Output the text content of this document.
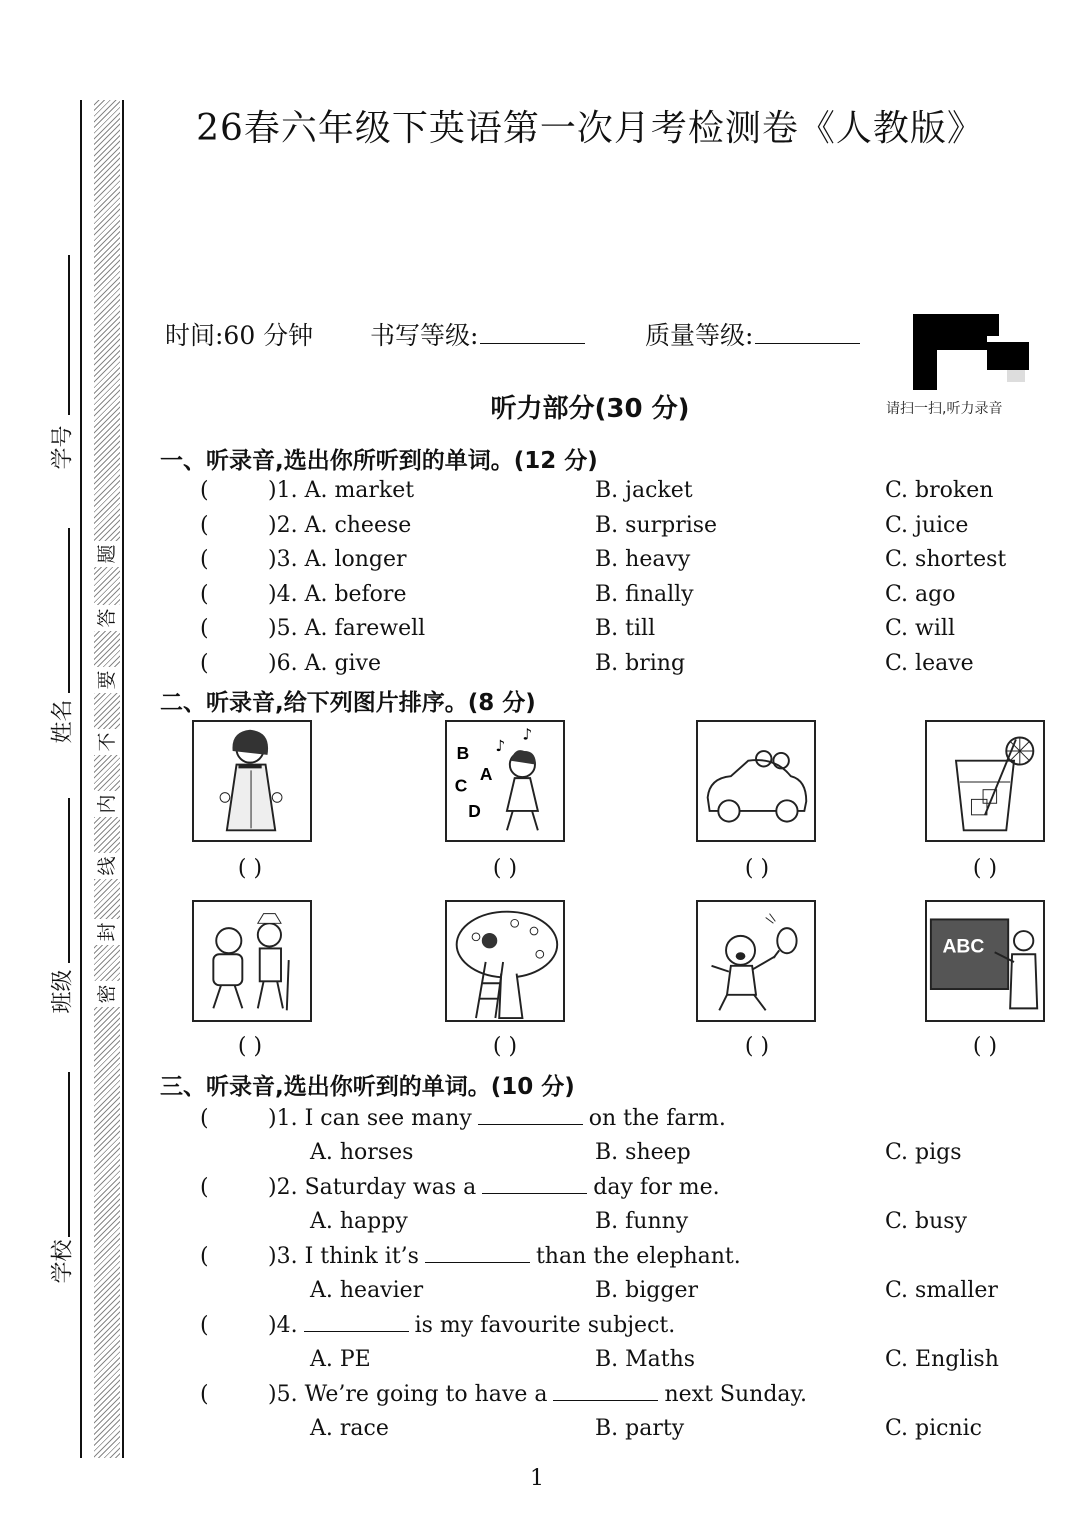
题
答
要
不
内
线
封
密
学号
姓名
班级
学校
26春六年级下英语第一次月考检测卷《人教版》
时间:60 分钟 书写等级:	质量等级:
请扫一扫,听力录音
听力部分(30 分)
一、听录音,选出你所听到的单词。(12 分)
(	)1. A. market	B. jacket	C. broken
(	)2. A. cheese	B. surprise	C. juice
(	)3. A. longer	B. heavy	C. shortest
(	)4. A. before	B. finally	C. ago
(	)5. A. farewell	B. till	C. will
(	)6. A. give	B. bring	C. leave
二、听录音,给下列图片排序。(8 分)
B
C
A
D
♪
♪
( )	( )	( )	( )
ABC
( )	( )	( )	( )
三、听录音,选出你听到的单词。(10 分)
(	)1. I can see many	on the farm.
A. horses	B. sheep	C. pigs
(	)2. Saturday was a	day for me.
A. happy	B. funny	C. busy
(	)3. I think it’s	than the elephant.
A. heavier	B. bigger	C. smaller
(	)4.	is my favourite subject.
A. PE	B. Maths	C. English
(	)5. We’re going to have a	next Sunday.
A. race	B. party	C. picnic
1
